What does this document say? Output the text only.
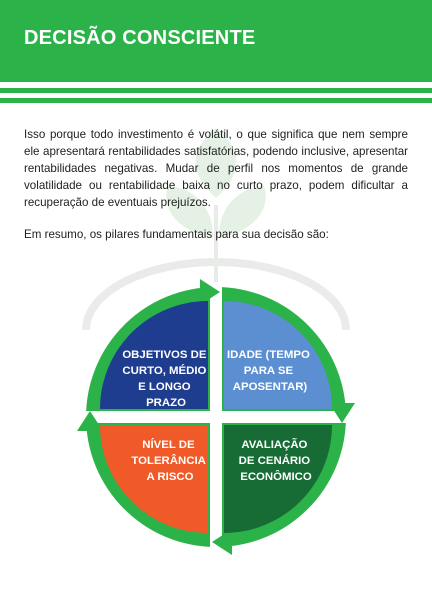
DECISÃO CONSCIENTE

Isso porque todo investimento é volátil, o que significa que nem sempre ele apresentará rentabilidades satisfatórias, podendo inclusive, apresentar rentabilidades negativas. Mudar de perfil nos momentos de grande volatilidade ou rentabilidade baixa no curto prazo, podem dificultar a recuperação de eventuais prejuízos.

Em resumo, os pilares fundamentais para sua decisão são:

OBJETIVOS DE CURTO, MÉDIO E LONGO PRAZO
IDADE (TEMPO PARA SE APOSENTAR)
NÍVEL DE TOLERÂNCIA A RISCO
AVALIAÇÃO DE CENÁRIO ECONÔMICO
